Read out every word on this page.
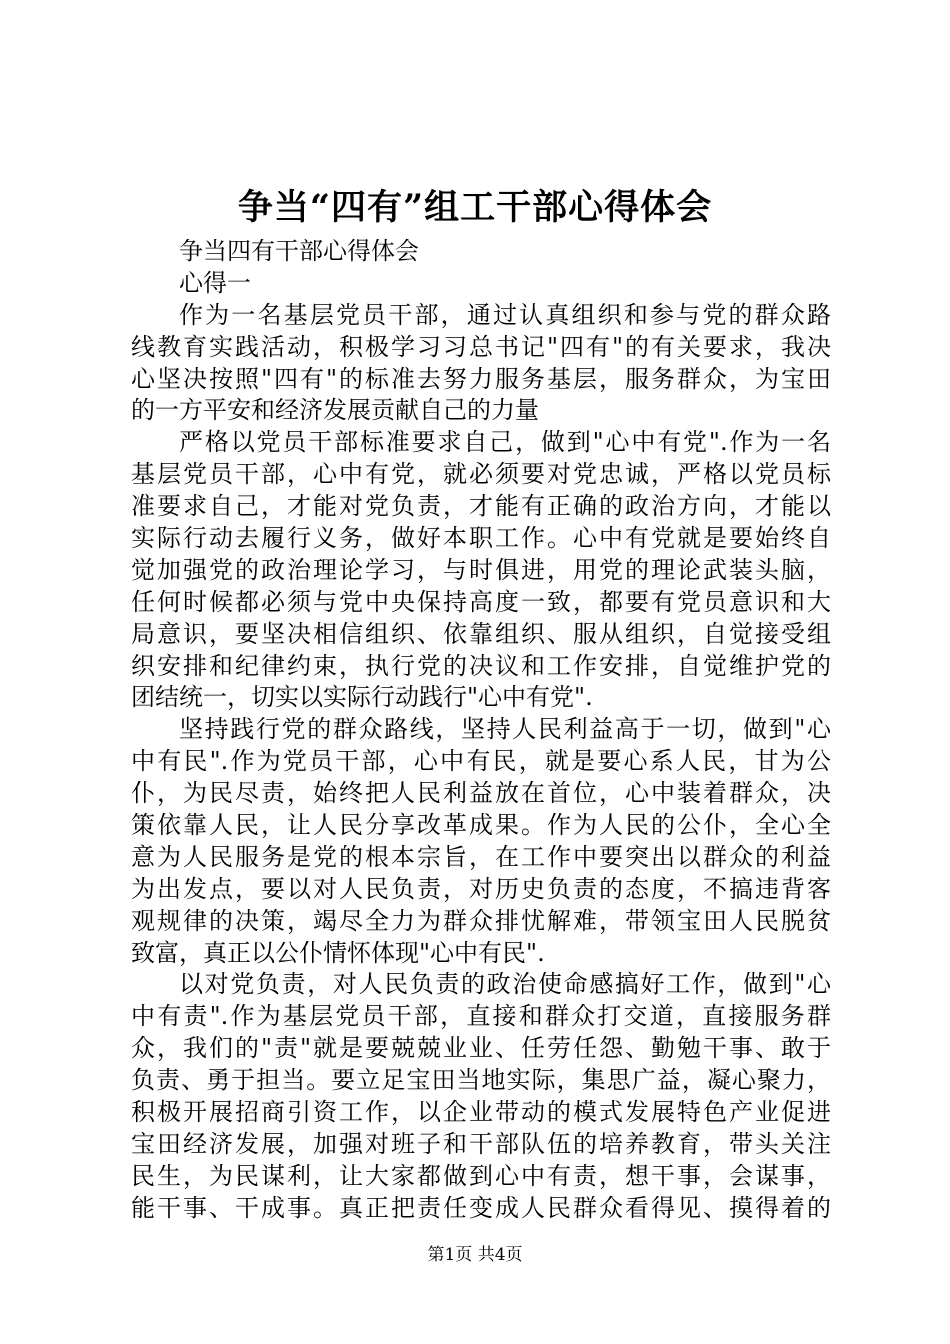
争当“四有”组工干部心得体会
争当四有干部心得体会
心得一
作为一名基层党员干部，通过认真组织和参与党的群众路
线教育实践活动，积极学习习总书记"四有"的有关要求，我决
心坚决按照"四有"的标准去努力服务基层，服务群众，为宝田
的一方平安和经济发展贡献自己的力量
严格以党员干部标准要求自己，做到"心中有党".作为一名
基层党员干部，心中有党，就必须要对党忠诚，严格以党员标
准要求自己，才能对党负责，才能有正确的政治方向，才能以
实际行动去履行义务，做好本职工作。心中有党就是要始终自
觉加强党的政治理论学习，与时俱进，用党的理论武装头脑，
任何时候都必须与党中央保持高度一致，都要有党员意识和大
局意识，要坚决相信组织、依靠组织、服从组织，自觉接受组
织安排和纪律约束，执行党的决议和工作安排，自觉维护党的
团结统一，切实以实际行动践行"心中有党".
坚持践行党的群众路线，坚持人民利益高于一切，做到"心
中有民".作为党员干部，心中有民，就是要心系人民，甘为公
仆，为民尽责，始终把人民利益放在首位，心中装着群众，决
策依靠人民，让人民分享改革成果。作为人民的公仆，全心全
意为人民服务是党的根本宗旨，在工作中要突出以群众的利益
为出发点，要以对人民负责，对历史负责的态度，不搞违背客
观规律的决策，竭尽全力为群众排忧解难，带领宝田人民脱贫
致富，真正以公仆情怀体现"心中有民".
以对党负责，对人民负责的政治使命感搞好工作，做到"心
中有责".作为基层党员干部，直接和群众打交道，直接服务群
众，我们的"责"就是要兢兢业业、任劳任怨、勤勉干事、敢于
负责、勇于担当。要立足宝田当地实际，集思广益，凝心聚力，
积极开展招商引资工作，以企业带动的模式发展特色产业促进
宝田经济发展，加强对班子和干部队伍的培养教育，带头关注
民生，为民谋利，让大家都做到心中有责，想干事，会谋事，
能干事、干成事。真正把责任变成人民群众看得见、摸得着的
第1页 共4页
